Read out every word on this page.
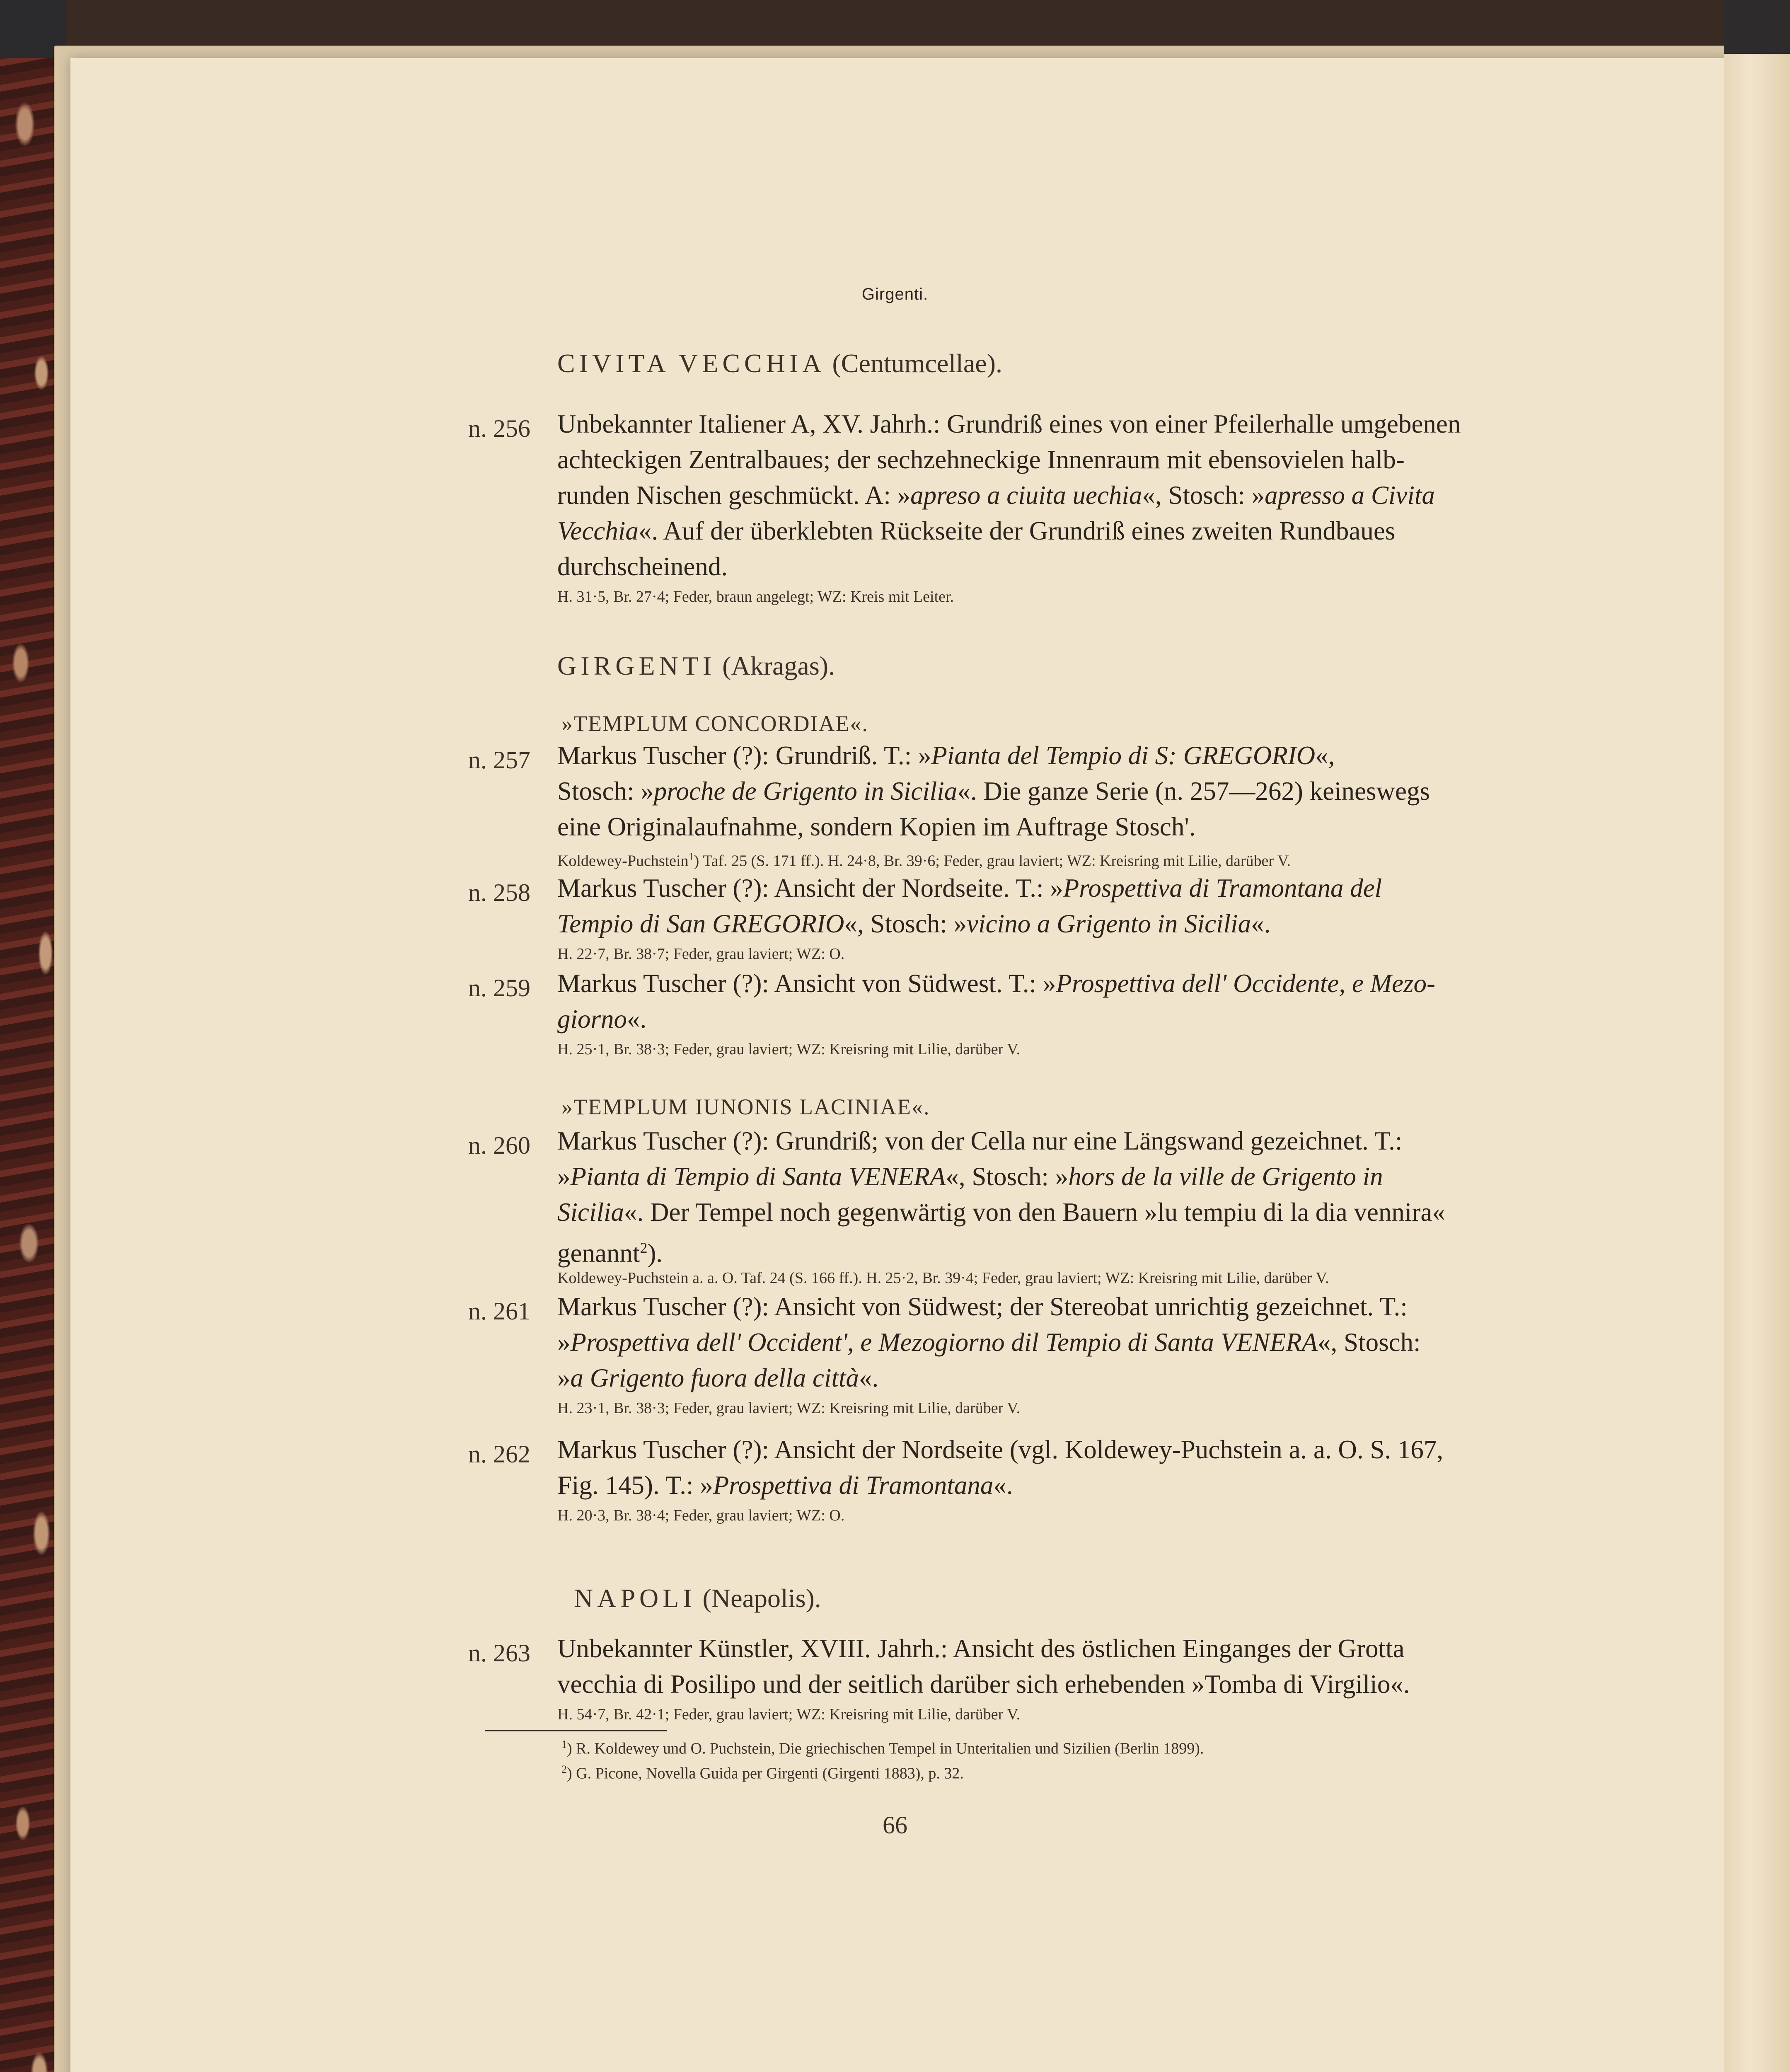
Girgenti.
CIVITA VECCHIA (Centumcellae).
n. 256 Unbekannter Italiener A, XV. Jahrh.: Grundriß eines von einer Pfeilerhalle umgebenen
achteckigen Zentralbaues; der sechzehneckige Innenraum mit ebensovielen halb-
runden Nischen geschmückt. A: »apreso a ciuita uechia«, Stosch: »apresso a Civita
Vecchia«. Auf der überklebten Rückseite der Grundriß eines zweiten Rundbaues
durchscheinend.
H. 31·5, Br. 27·4; Feder, braun angelegt; WZ: Kreis mit Leiter.
GIRGENTI (Akragas).
»TEMPLUM CONCORDIAE«.
n. 257 Markus Tuscher (?): Grundriß. T.: »Pianta del Tempio di S: GREGORIO«,
Stosch: »proche de Grigento in Sicilia«. Die ganze Serie (n. 257—262) keineswegs
eine Originalaufnahme, sondern Kopien im Auftrage Stosch'.
Koldewey-Puchstein$^1$) Taf. 25 (S. 171 ff.). H. 24·8, Br. 39·6; Feder, grau laviert; WZ: Kreisring mit Lilie, darüber V.
n. 258 Markus Tuscher (?): Ansicht der Nordseite. T.: »Prospettiva di Tramontana del
Tempio di San GREGORIO«, Stosch: »vicino a Grigento in Sicilia«.
H. 22·7, Br. 38·7; Feder, grau laviert; WZ: O.
n. 259 Markus Tuscher (?): Ansicht von Südwest. T.: »Prospettiva dell' Occidente, e Mezo-
giorno«.
H. 25·1, Br. 38·3; Feder, grau laviert; WZ: Kreisring mit Lilie, darüber V.
»TEMPLUM IUNONIS LACINIAE«.
n. 260 Markus Tuscher (?): Grundriß; von der Cella nur eine Längswand gezeichnet. T.:
»Pianta di Tempio di Santa VENERA«, Stosch: »hors de la ville de Grigento in
Sicilia«. Der Tempel noch gegenwärtig von den Bauern »lu tempiu di la dia vennira«
genannt$^2$).
Koldewey-Puchstein a. a. O. Taf. 24 (S. 166 ff.). H. 25·2, Br. 39·4; Feder, grau laviert; WZ: Kreisring mit Lilie, darüber V.
n. 261 Markus Tuscher (?): Ansicht von Südwest; der Stereobat unrichtig gezeichnet. T.:
»Prospettiva dell' Occident', e Mezogiorno dil Tempio di Santa VENERA«, Stosch:
»a Grigento fuora della città«.
H. 23·1, Br. 38·3; Feder, grau laviert; WZ: Kreisring mit Lilie, darüber V.
n. 262 Markus Tuscher (?): Ansicht der Nordseite (vgl. Koldewey-Puchstein a. a. O. S. 167,
Fig. 145). T.: »Prospettiva di Tramontana«.
H. 20·3, Br. 38·4; Feder, grau laviert; WZ: O.
NAPOLI (Neapolis).
n. 263 Unbekannter Künstler, XVIII. Jahrh.: Ansicht des östlichen Einganges der Grotta
vecchia di Posilipo und der seitlich darüber sich erhebenden »Tomba di Virgilio«.
H. 54·7, Br. 42·1; Feder, grau laviert; WZ: Kreisring mit Lilie, darüber V.
$^1$) R. Koldewey und O. Puchstein, Die griechischen Tempel in Unteritalien und Sizilien (Berlin 1899).
$^2$) G. Picone, Novella Guida per Girgenti (Girgenti 1883), p. 32.
66
